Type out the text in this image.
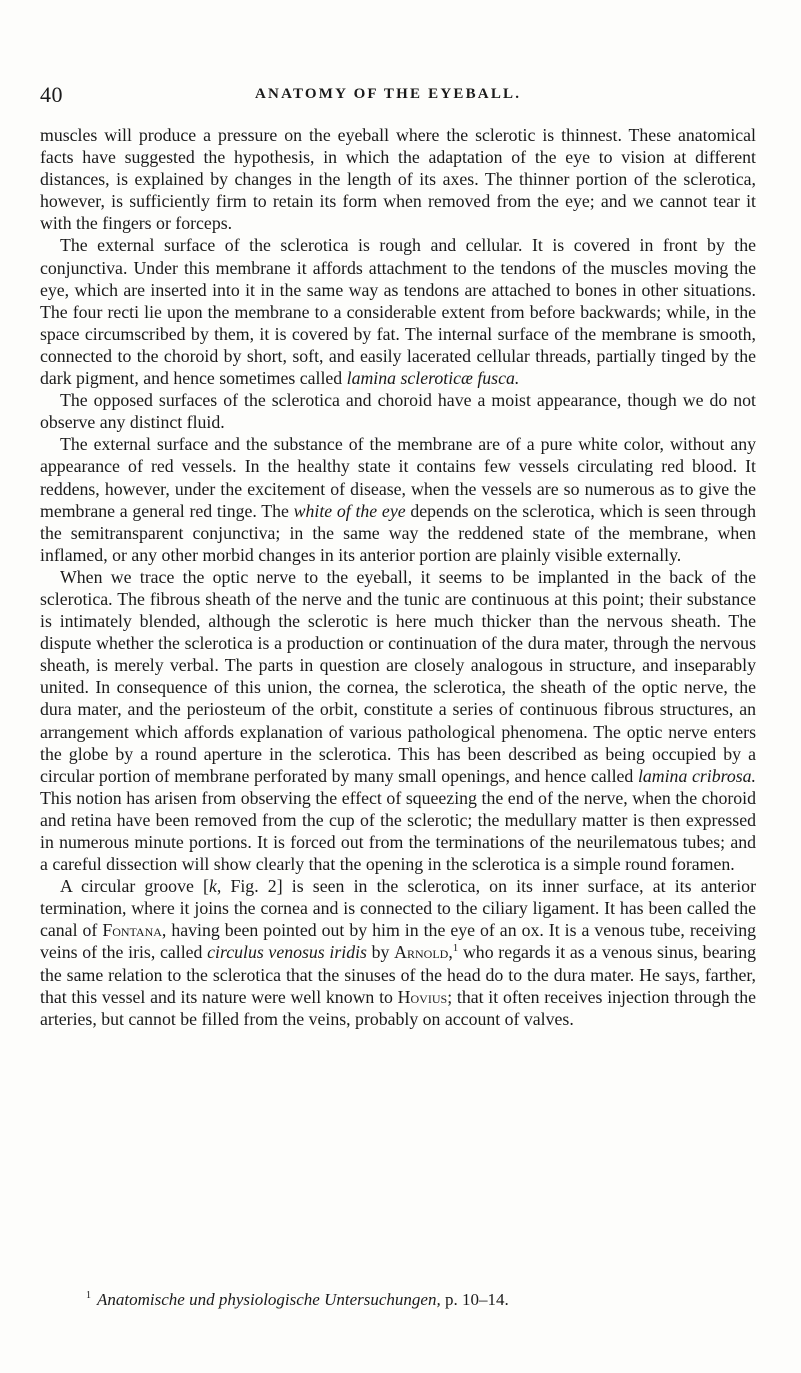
40	ANATOMY OF THE EYEBALL.

muscles will produce a pressure on the eyeball where the sclerotic is thinnest. These anatomical facts have suggested the hypothesis, in which the adaptation of the eye to vision at different distances, is explained by changes in the length of its axes. The thinner portion of the sclerotica, however, is sufficiently firm to retain its form when removed from the eye; and we cannot tear it with the fingers or forceps.

The external surface of the sclerotica is rough and cellular. It is covered in front by the conjunctiva. Under this membrane it affords attachment to the tendons of the muscles moving the eye, which are inserted into it in the same way as tendons are attached to bones in other situations. The four recti lie upon the membrane to a considerable extent from before backwards; while, in the space circumscribed by them, it is covered by fat. The internal surface of the membrane is smooth, connected to the choroid by short, soft, and easily lacerated cellular threads, partially tinged by the dark pigment, and hence sometimes called lamina scleroticæ fusca.

The opposed surfaces of the sclerotica and choroid have a moist appearance, though we do not observe any distinct fluid.

The external surface and the substance of the membrane are of a pure white color, without any appearance of red vessels. In the healthy state it contains few vessels circulating red blood. It reddens, however, under the excitement of disease, when the vessels are so numerous as to give the membrane a general red tinge. The white of the eye depends on the sclerotica, which is seen through the semitransparent conjunctiva; in the same way the reddened state of the membrane, when inflamed, or any other morbid changes in its anterior portion are plainly visible externally.

When we trace the optic nerve to the eyeball, it seems to be implanted in the back of the sclerotica. The fibrous sheath of the nerve and the tunic are continuous at this point; their substance is intimately blended, although the sclerotic is here much thicker than the nervous sheath. The dispute whether the sclerotica is a production or continuation of the dura mater, through the nervous sheath, is merely verbal. The parts in question are closely analogous in structure, and inseparably united. In consequence of this union, the cornea, the sclerotica, the sheath of the optic nerve, the dura mater, and the periosteum of the orbit, constitute a series of continuous fibrous structures, an arrangement which affords explanation of various pathological phenomena. The optic nerve enters the globe by a round aperture in the sclerotica. This has been described as being occupied by a circular portion of membrane perforated by many small openings, and hence called lamina cribrosa. This notion has arisen from observing the effect of squeezing the end of the nerve, when the choroid and retina have been removed from the cup of the sclerotic; the medullary matter is then expressed in numerous minute portions. It is forced out from the terminations of the neurilematous tubes; and a careful dissection will show clearly that the opening in the sclerotica is a simple round foramen.

A circular groove [k, Fig. 2] is seen in the sclerotica, on its inner surface, at its anterior termination, where it joins the cornea and is connected to the ciliary ligament. It has been called the canal of Fontana, having been pointed out by him in the eye of an ox. It is a venous tube, receiving veins of the iris, called circulus venosus iridis by Arnold,$^1$ who regards it as a venous sinus, bearing the same relation to the sclerotica that the sinuses of the head do to the dura mater. He says, farther, that this vessel and its nature were well known to Hovius; that it often receives injection through the arteries, but cannot be filled from the veins, probably on account of valves.

$^1$ Anatomische und physiologische Untersuchungen, p. 10–14.
